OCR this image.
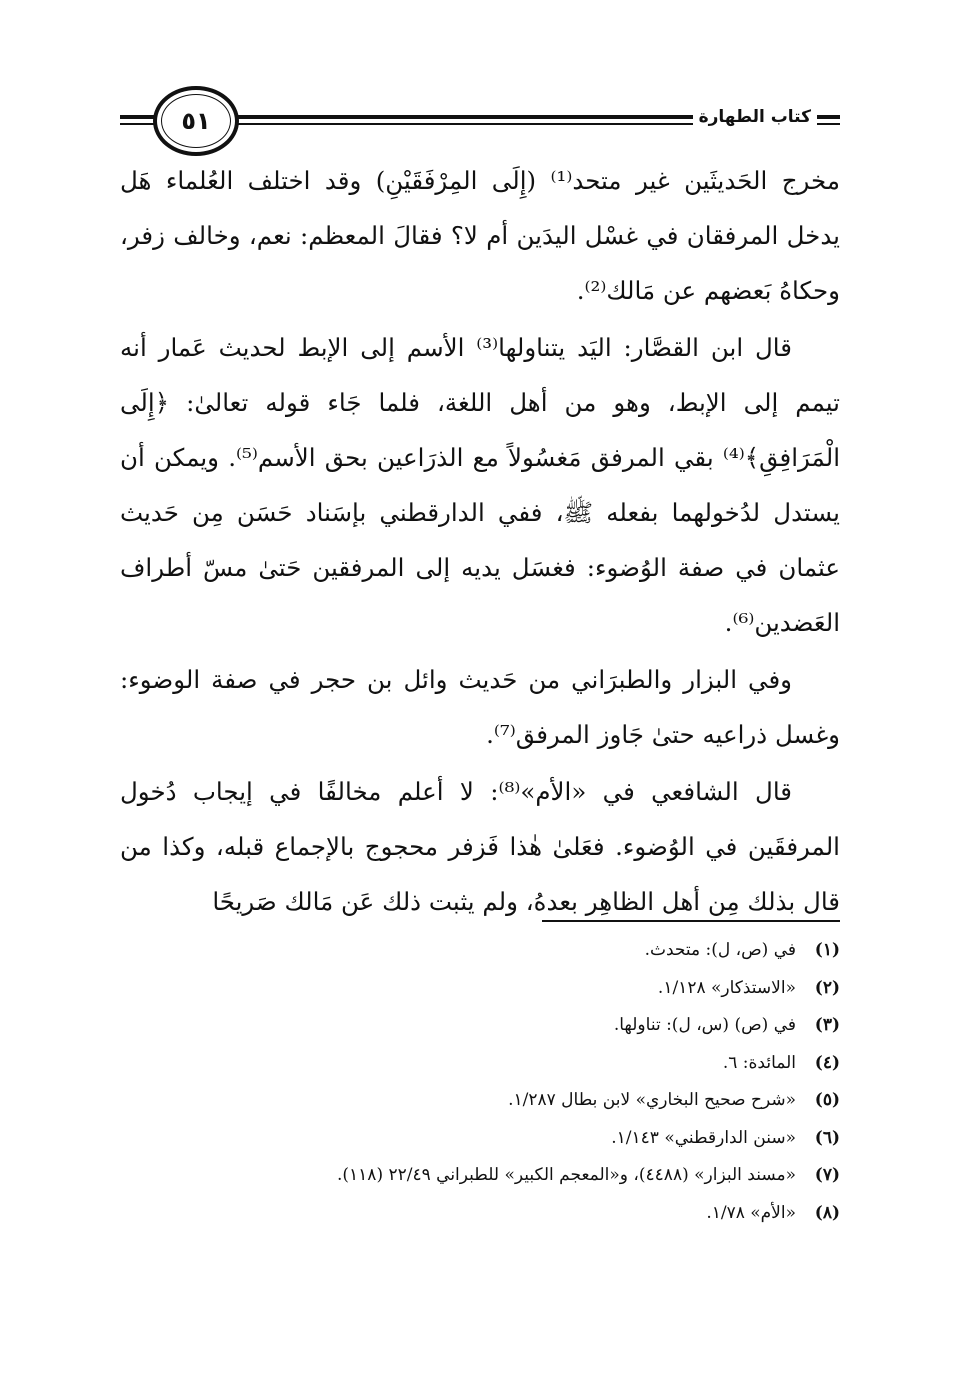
٥١	كتاب الطهارة

مخرج الحَديثَين غير متحد⁽¹⁾ (إِلَى المِرْفَقَيْنِ) وقد اختلف العُلماء هَل يدخل المرفقان في غسْل اليدَين أم لا؟ فقالَ المعظم: نعم، وخالف زفر، وحكاهُ بَعضهم عن مَالك⁽²⁾.

قال ابن القصَّار: اليَد يتناولها⁽³⁾ الأسم إلى الإبط لحديث عَمار أنه تيمم إلى الإبط، وهو من أهل اللغة، فلما جَاء قوله تعالىٰ: ﴿إِلَى الْمَرَافِقِ﴾⁽⁴⁾ بقي المرفق مَغسُولاً مع الذرَاعين بحق الأسم⁽⁵⁾. ويمكن أن يستدل لدُخولهما بفعله ﷺ، ففي الدارقطني بإسَناد حَسَن مِن حَديث عثمان في صفة الوُضوء: فغسَل يديه إلى المرفقين حَتىٰ مسّ أطراف العَضدين⁽⁶⁾.

وفي البزار والطبرَاني من حَديث وائل بن حجر في صفة الوضوء: وغسل ذراعيه حتىٰ جَاوز المرفق⁽⁷⁾.

قال الشافعي في «الأم»⁽⁸⁾: لا أعلم مخالفًا في إيجاب دُخول المرفقَين في الوُضوء. فعَلىٰ هٰذا فَزفر محجوج بالإجماع قبله، وكذا من قال بذلك مِن أهل الظاهِر بعدهُ، ولم يثبت ذلك عَن مَالك صَريحًا

(١)في (ص، ل): متحدث.
(٢)«الاستذكار» ١/١٢٨.
(٣)في (ص) (س، ل): تناولها.
(٤)المائدة: ٦.
(٥)«شرح صحيح البخاري» لابن بطال ١/٢٨٧.
(٦)«سنن الدارقطني» ١/١٤٣.
(٧)«مسند البزار» (٤٤٨٨)، و«المعجم الكبير» للطبراني ٢٢/٤٩ (١١٨).
(٨)«الأم» ١/٧٨.
